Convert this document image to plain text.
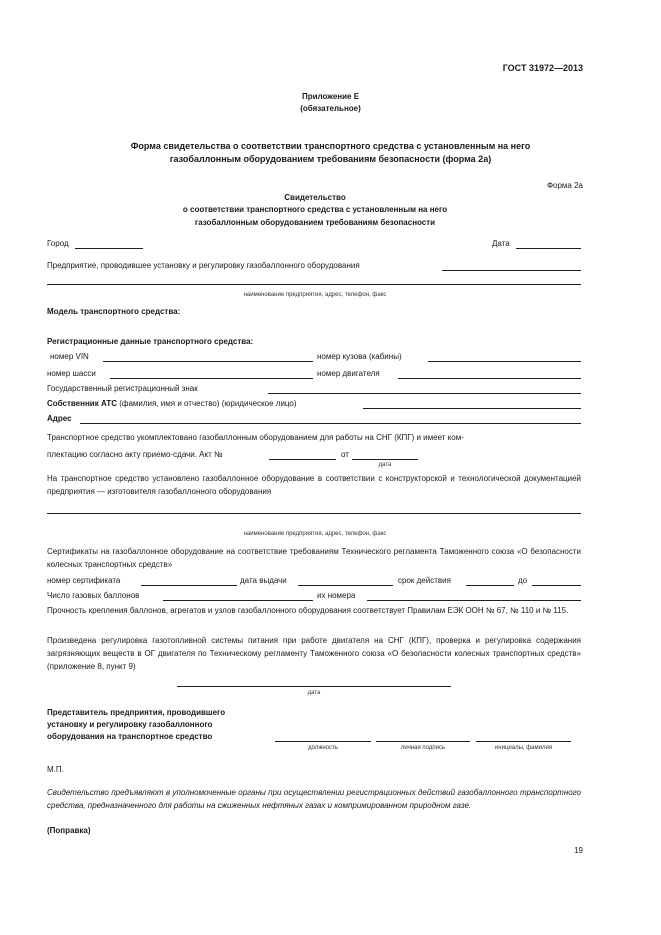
ГОСТ 31972—2013
Приложение Е
(обязательное)
Форма свидетельства о соответствии транспортного средства с установленным на него
газобаллонным оборудованием требованиям безопасности (форма 2а)
Форма 2а
Свидетельство
о соответствии транспортного средства с установленным на него
газобаллонным оборудованием требованиям безопасности
Город	Дата
Предприятие, проводившее установку и регулировку газобаллонного оборудования
наименование предприятия, адрес, телефон, факс
Модель транспортного средства:
Регистрационные данные транспортного средства:
номер VIN	номер кузова (кабины)
номер шасси	номер двигателя
Государственный регистрационный знак
Собственник АТС (фамилия, имя и отчество) (юридическое лицо)
Адрес
Транспортное средство укомплектовано газобаллонным оборудованием для работы на СНГ (КПГ) и имеет ком-
плектацию согласно акту приемо-сдачи. Акт №	от
дата
На транспортное средство установлено газобаллонное оборудование в соответствии с конструкторской и технологической документацией предприятия — изготовителя газобаллонного оборудования
наименование предприятия, адрес, телефон, факс
Сертификаты на газобаллонное оборудование на соответствие требованиям Технического регламента Таможенного союза «О безопасности колесных транспортных средств»
номер сертификата	дата выдачи	срок действия	до
Число газовых баллонов	их номера
Прочность крепления баллонов, агрегатов и узлов газобаллонного оборудования соответствует Правилам ЕЭК ООН № 67, № 110 и № 115.
Произведена регулировка газотопливной системы питания при работе двигателя на СНГ (КПГ), проверка и регулировка содержания загрязняющих веществ в ОГ двигателя по Техническому регламенту Таможенного союза «О безопасности колесных транспортных средств» (приложение 8, пункт 9)
дата
Представитель предприятия, проводившего
установку и регулировку газобаллонного
оборудования на транспортное средство
должность	личная подпись	инициалы, фамилия
М.П.
Свидетельство предъявляют в уполномоченные органы при осуществлении регистрационных действий газобаллонного транспортного средства, предназначенного для работы на сжиженных нефтяных газах и компримированном природном газе.
(Поправка)
19
